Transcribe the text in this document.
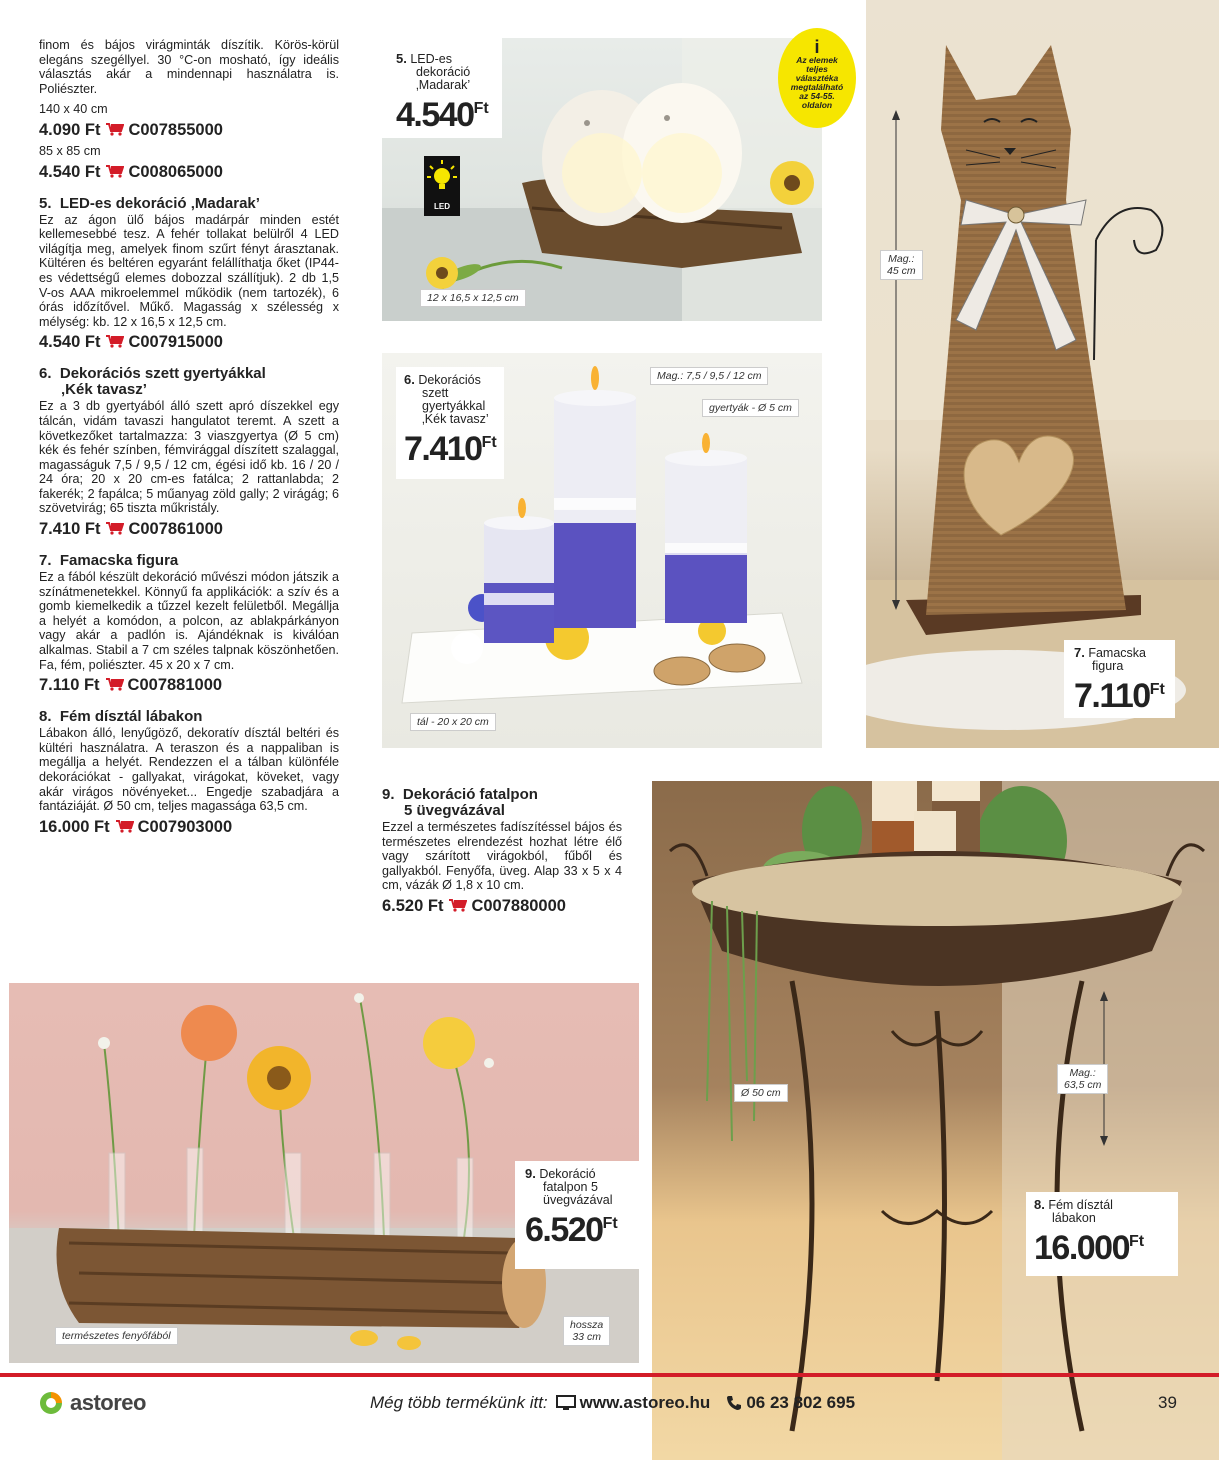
finom és bájos virágminták díszítik. Körös-körül elegáns szegéllyel. 30 °C-on mosható, így ideális választás akár a mindennapi használatra is. Poliészter.
140 x 40 cm
4.090 Ft C007855000
85 x 85 cm
4.540 Ft C008065000
5. LED-es dekoráció ‚Madarak’
Ez az ágon ülő bájos madárpár minden estét kellemesebbé tesz. A fehér tollakat belülről 4 LED világítja meg, amelyek finom szűrt fényt árasztanak. Kültéren és beltéren egyaránt felállíthatja őket (IP44-es védettségű elemes dobozzal szállítjuk). 2 db 1,5 V-os AAA mikroelemmel működik (nem tartozék), 6 órás időzítővel. Műkő. Magasság x szélesség x mélység: kb. 12 x 16,5 x 12,5 cm.
4.540 Ft C007915000
6. Dekorációs szett gyertyákkal
‚Kék tavasz’
Ez a 3 db gyertyából álló szett apró díszekkel egy tálcán, vidám tavaszi hangulatot teremt. A szett a következőket tartalmazza: 3 viaszgyertya (Ø 5 cm) kék és fehér színben, fémvirággal díszített szalaggal, magasságuk 7,5 / 9,5 / 12 cm, égési idő kb. 16 / 20 / 24 óra; 20 x 20 cm-es fatálca; 2 rattanlabda; 2 fakerék; 2 fapálca; 5 műanyag zöld gally; 2 virágág; 6 szövetvirág; 65 tiszta műkristály.
7.410 Ft C007861000
7. Famacska figura
Ez a fából készült dekoráció művészi módon játszik a színátmenetekkel. Könnyű fa applikációk: a szív és a gomb kiemelkedik a tűzzel kezelt felületből. Megállja a helyét a komódon, a polcon, az ablakpárkányon vagy akár a padlón is. Ajándéknak is kiválóan alkalmas. Stabil a 7 cm széles talpnak köszönhetően. Fa, fém, poliészter. 45 x 20 x 7 cm.
7.110 Ft C007881000
8. Fém dísztál lábakon
Lábakon álló, lenyűgöző, dekoratív dísztál beltéri és kültéri használatra. A teraszon és a nappaliban is megállja a helyét. Rendezzen el a tálban különféle dekorációkat - gallyakat, virágokat, köveket, vagy akár virágos növényeket... Engedje szabadjára a fantáziáját. Ø 50 cm, teljes magassága 63,5 cm.
16.000 Ft C007903000
9. Dekoráció fatalpon
5 üvegvázával
Ezzel a természetes fadíszítéssel bájos és természetes elrendezést hozhat létre élő vagy szárított virágokból, fűből és gallyakból. Fenyőfa, üveg. Alap 33 x 5 x 4 cm, vázák Ø 1,8 x 10 cm.
6.520 Ft C007880000
5. LED-es
dekoráció
‚Madarak’
$4.540^{Ft}$
LED
12 x 16,5 x 12,5 cm
i
Az elemek
teljes
választéka
megtalálható
az 54-55.
oldalon
6. Dekorációs
szett
gyertyákkal
‚Kék tavasz’
$7.410^{Ft}$
Mag.: 7,5 / 9,5 / 12 cm
gyertyák - Ø 5 cm
tál - 20 x 20 cm
Mag.:
45 cm
7. Famacska
figura
$7.110^{Ft}$
Ø 50 cm
Mag.:
63,5 cm
8. Fém dísztál
lábakon
$16.000^{Ft}$
9. Dekoráció
fatalpon 5
üvegvázával
$6.520^{Ft}$
hossza
33 cm
természetes fenyőfából
astoreo	Még több termékünk itt: www.astoreo.hu 06 23 802 695	39
